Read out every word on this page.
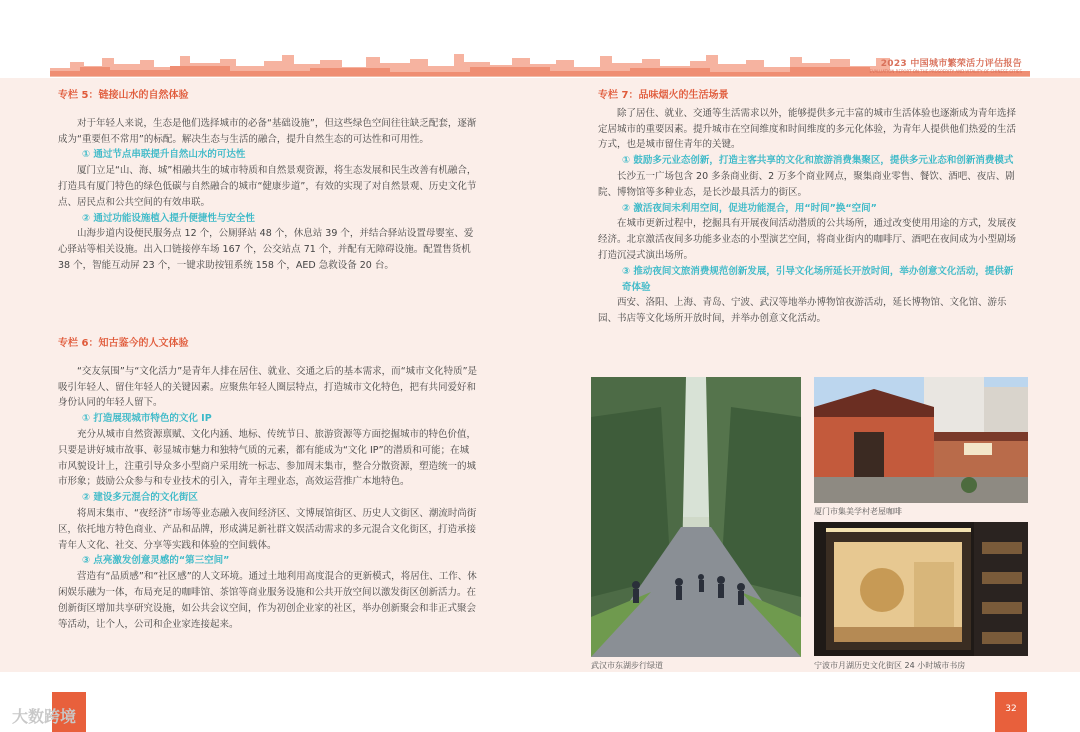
2023 中国城市繁荣活力评估报告
EVALUATION REPORT ON THE PROSPERITY AND VITALITY OF CHINESE CITIES
专栏 5：链接山水的自然体验

对于年轻人来说，生态是他们选择城市的必备“基础设施”，但这些绿色空间往往缺乏配套，逐渐成为“重要但不常用”的标配。解决生态与生活的融合，提升自然生态的可达性和可用性。

① 通过节点串联提升自然山水的可达性

厦门立足“山、海、城”相融共生的城市特质和自然景观资源，将生态发展和民生改善有机融合，打造具有厦门特色的绿色低碳与自然融合的城市“健康步道”，有效的实现了对自然景观、历史文化节点、居民点和公共空间的有效串联。

② 通过功能设施植入提升便捷性与安全性

山海步道内设便民服务点 12 个，公厕驿站 48 个，休息站 39 个，并结合驿站设置母婴室、爱心驿站等相关设施。出入口链接停车场 167 个，公交站点 71 个，并配有无障碍设施。配置售货机 38 个，智能互动屏 23 个，一键求助按钮系统 158 个，AED 急救设备 20 台。

专栏 6：知古鉴今的人文体验

“交友氛围”与“文化活力”是青年人排在居住、就业、交通之后的基本需求，而“城市文化特质”是吸引年轻人、留住年轻人的关键因素。应聚焦年轻人圈层特点，打造城市文化特色，把有共同爱好和身份认同的年轻人留下。

① 打造展现城市特色的文化 IP

充分从城市自然资源禀赋、文化内涵、地标、传统节日、旅游资源等方面挖掘城市的特色价值，只要是讲好城市故事、彰显城市魅力和独特气质的元素，都有能成为“文化 IP”的潜质和可能；在城市风貌设计上，注重引导众多小型商户采用统一标志、参加周末集市，整合分散资源，塑造统一的城市形象；鼓励公众参与和专业技术的引入，青年主理业态，高效运营推广本地特色。

② 建设多元混合的文化街区

将周末集市、“夜经济”市场等业态融入夜间经济区、文博展馆街区、历史人文街区、潮流时尚街区，依托地方特色商业、产品和品牌，形成满足新社群文娱活动需求的多元混合文化街区，打造承接青年人文化、社交、分享等实践和体验的空间载体。

③ 点亮激发创意灵感的“第三空间”

营造有“品质感”和“社区感”的人文环境。通过土地利用高度混合的更新模式，将居住、工作、休闲娱乐融为一体，布局充足的咖啡馆、茶馆等商业服务设施和公共开放空间以激发街区创新活力。在创新街区增加共享研究设施，如公共会议空间，作为初创企业家的社区，举办创新聚会和非正式聚会等活动，让个人，公司和企业家连接起来。

专栏 7：品味烟火的生活场景

除了居住、就业、交通等生活需求以外，能够提供多元丰富的城市生活体验也逐渐成为青年选择定居城市的重要因素。提升城市在空间维度和时间维度的多元化体验，为青年人提供他们热爱的生活方式，也是城市留住青年的关键。

① 鼓励多元业态创新，打造主客共享的文化和旅游消费集聚区，提供多元业态和创新消费模式

长沙五一广场包含 20 多条商业街、2 万多个商业网点，聚集商业零售、餐饮、酒吧、夜店、剧院、博物馆等多种业态，是长沙最具活力的街区。

② 激活夜间未利用空间，促进功能混合，用“时间”换“空间”

在城市更新过程中，挖掘具有开展夜间活动潜质的公共场所，通过改变使用用途的方式，发展夜经济。北京激活夜间多功能多业态的小型演艺空间，将商业街内的咖啡厅、酒吧在夜间成为小型剧场打造沉浸式演出场所。

③ 推动夜间文旅消费规范创新发展，引导文化场所延长开放时间，举办创意文化活动，提供新奇体验

西安、洛阳、上海、青岛、宁波、武汉等地举办博物馆夜游活动，延长博物馆、文化馆、游乐园、书店等文化场所开放时间，并举办创意文化活动。

武汉市东湖步行绿道
厦门市集美学村老屋咖啡
宁波市月湖历史文化街区 24 小时城市书房
32
大数跨境
